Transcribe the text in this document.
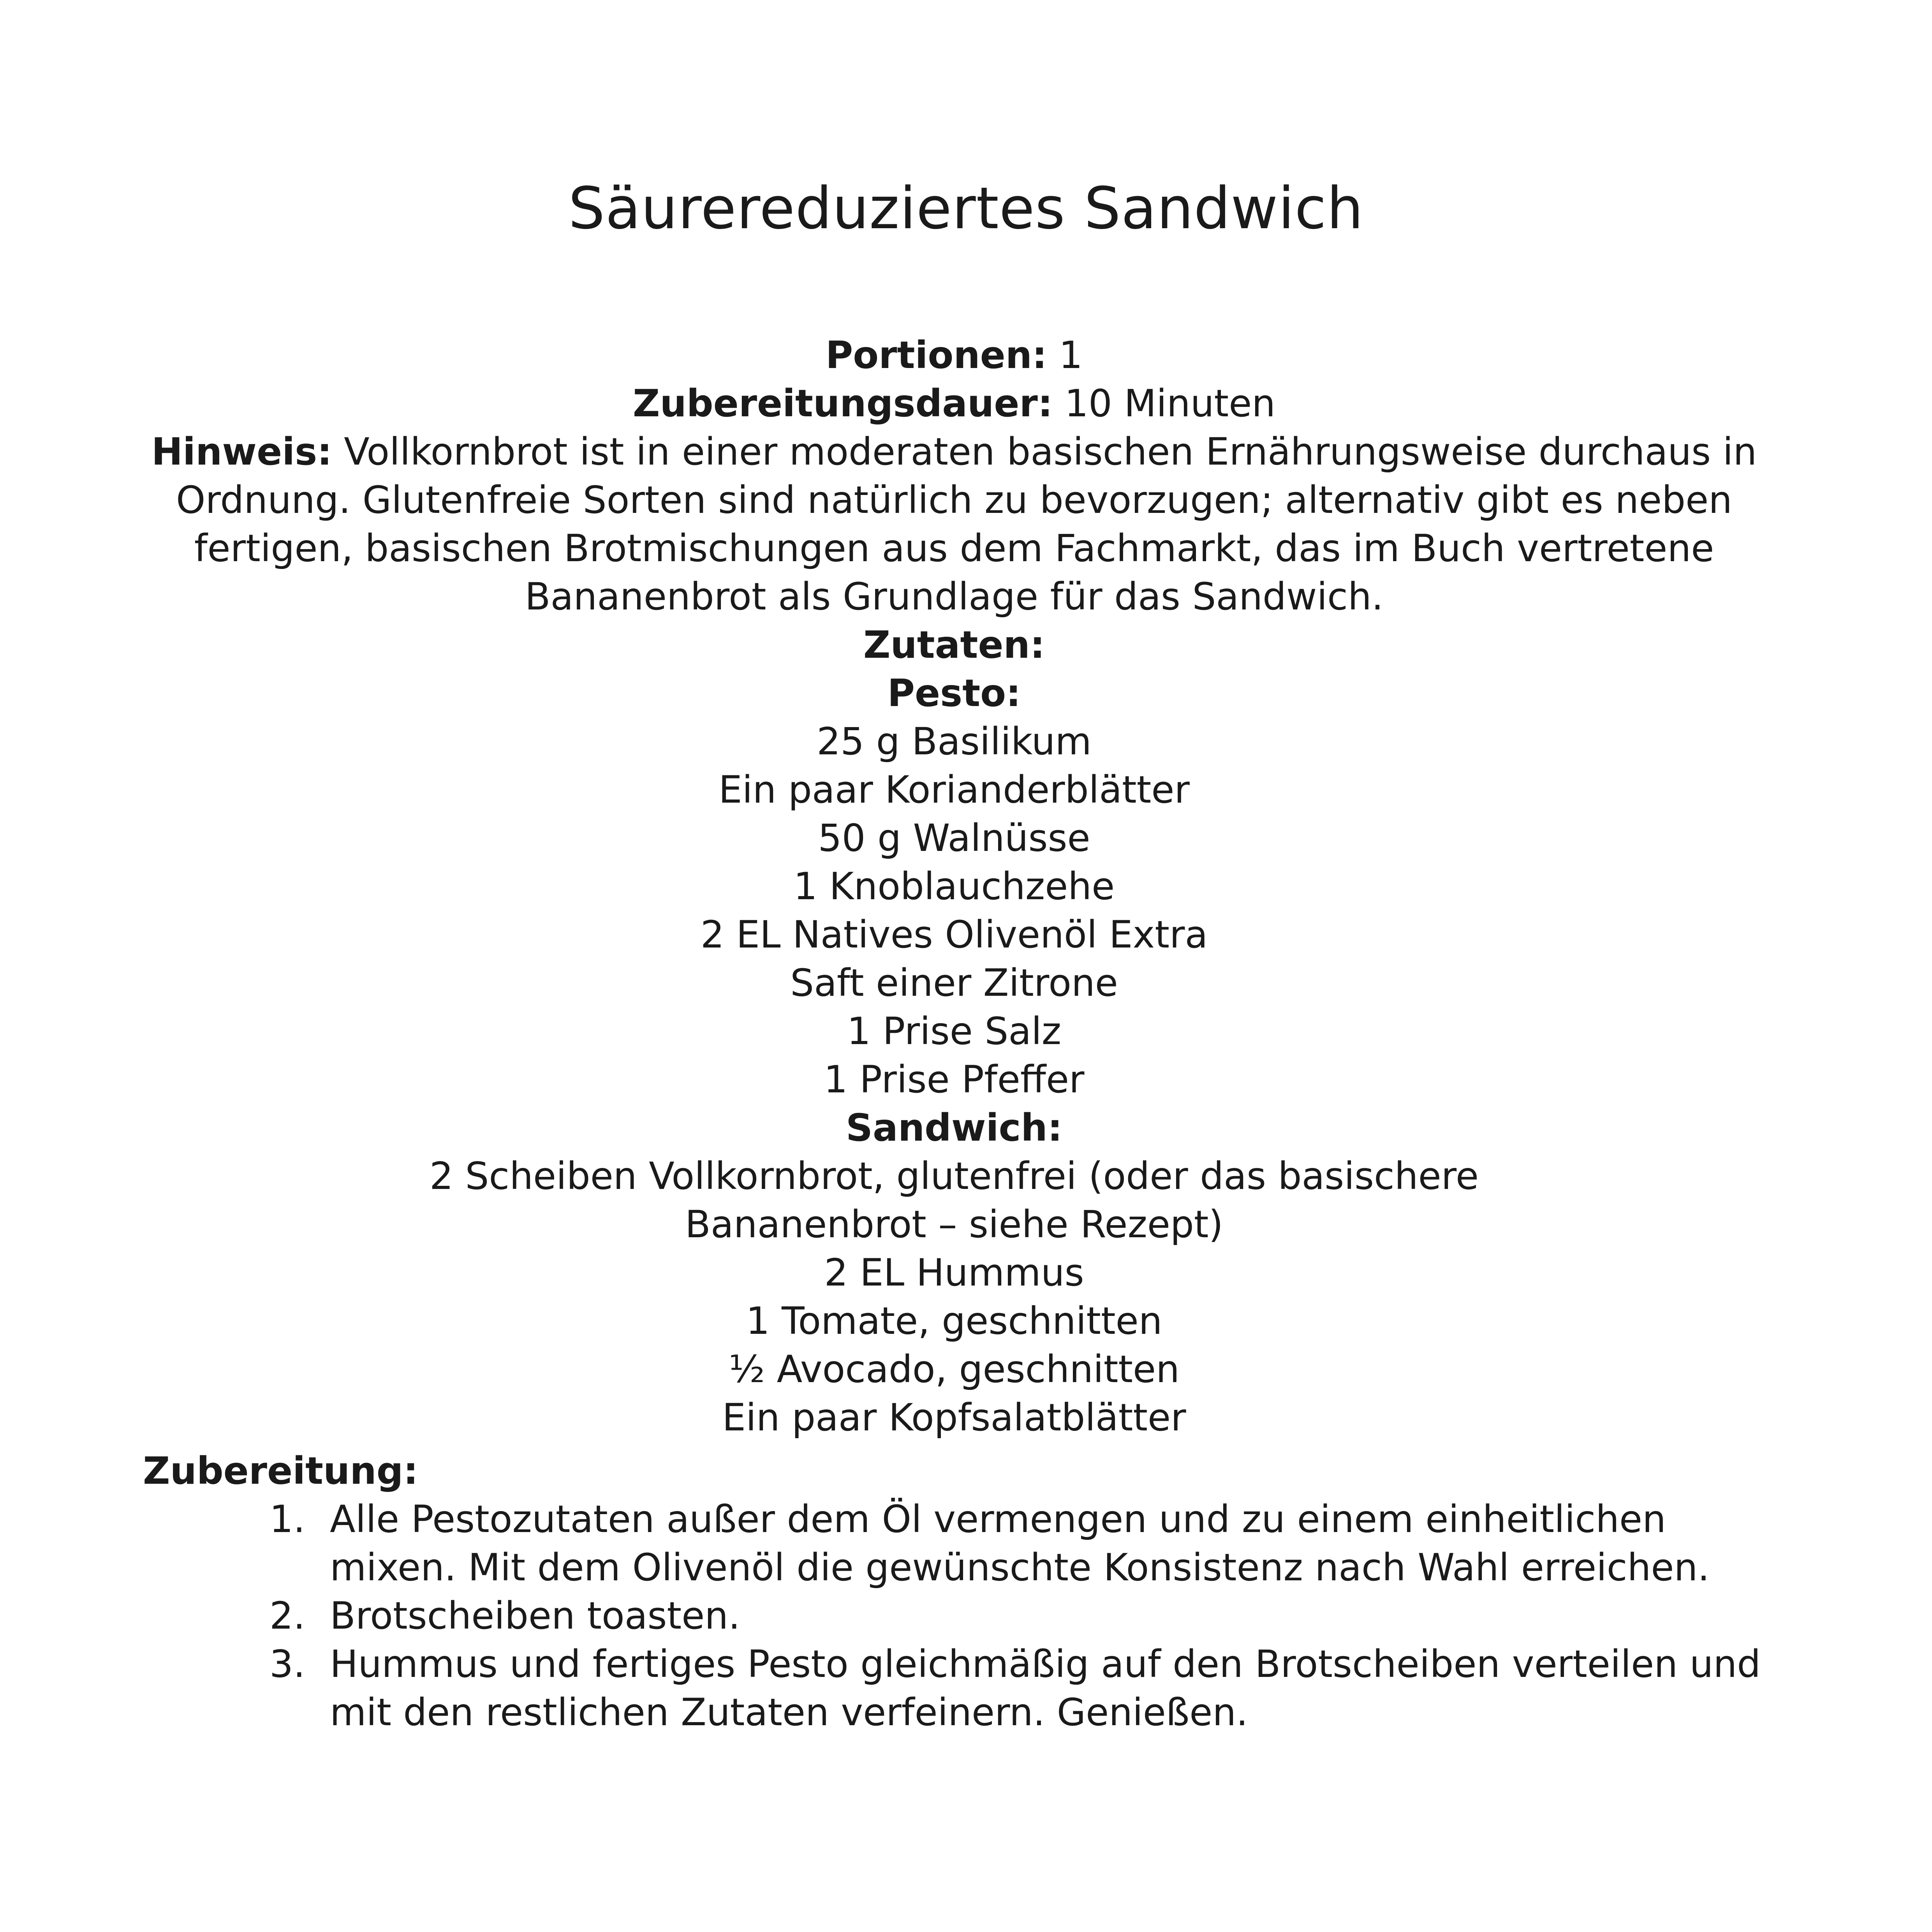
Säurereduziertes Sandwich
Portionen: 1
Zubereitungsdauer: 10 Minuten
Hinweis: Vollkornbrot ist in einer moderaten basischen Ernährungsweise durchaus in Ordnung. Glutenfreie Sorten sind natürlich zu bevorzugen; alternativ gibt es neben fertigen, basischen Brotmischungen aus dem Fachmarkt, das im Buch vertretene Bananenbrot als Grundlage für das Sandwich.
Zutaten:
Pesto:
25 g Basilikum
Ein paar Korianderblätter
50 g Walnüsse
1 Knoblauchzehe
2 EL Natives Olivenöl Extra
Saft einer Zitrone
1 Prise Salz
1 Prise Pfeffer
Sandwich:
2 Scheiben Vollkornbrot, glutenfrei (oder das basischere Bananenbrot – siehe Rezept)
2 EL Hummus
1 Tomate, geschnitten
½ Avocado, geschnitten
Ein paar Kopfsalatblätter
Zubereitung:
1. Alle Pestozutaten außer dem Öl vermengen und zu einem einheitlichen mixen. Mit dem Olivenöl die gewünschte Konsistenz nach Wahl erreichen.
2. Brotscheiben toasten.
3. Hummus und fertiges Pesto gleichmäßig auf den Brotscheiben verteilen und mit den restlichen Zutaten verfeinern. Genießen.
